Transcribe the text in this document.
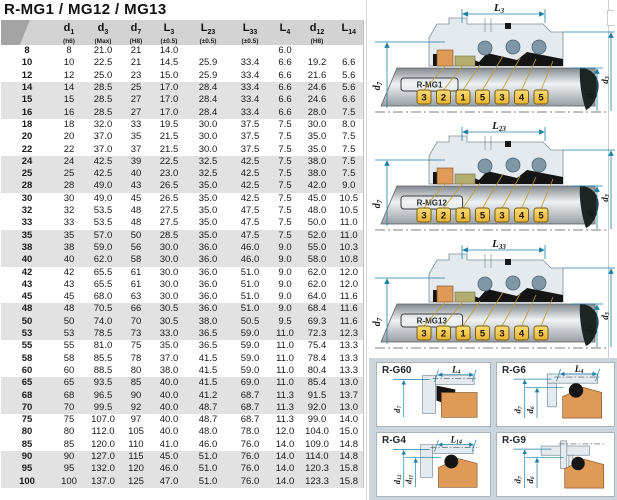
R-MG1 / MG12 / MG13

$d_1$
(h6)

$d_3$
(Max)

$d_7$
(H8)

$L_3$
(±0.5)

$L_{23}$
(±0.5)

$L_{33}$
(±0.5)

$L_4$	$d_{12}$
(H8)

$L_{14}$

8	8	21.0	21	14.0			6.0		
10	10	22.5	21	14.5	25.9	33.4	6.6	19.2	6.6
12	12	25.0	23	15.0	25.9	33.4	6.6	21.6	5.6
14	14	28.5	25	17.0	28.4	33.4	6.6	24.6	5.6
15	15	28.5	27	17.0	28.4	33.4	6.6	24.6	6.6
16	16	28.5	27	17.0	28.4	33.4	6.6	28.0	7.5
18	18	32.0	33	19.5	30.0	37.5	7.5	30.0	8.0
20	20	37.0	35	21.5	30.0	37.5	7.5	35.0	7.5
22	22	37.0	37	21.5	30.0	37.5	7.5	35.0	7.5
24	24	42.5	39	22.5	32.5	42.5	7.5	38.0	7.5
25	25	42.5	40	23.0	32.5	42.5	7.5	38.0	7.5
28	28	49.0	43	26.5	35.0	42.5	7.5	42.0	9.0
30	30	49.0	45	26.5	35.0	42.5	7.5	45.0	10.5
32	32	53.5	48	27.5	35.0	47.5	7.5	48.0	10.5
33	33	53.5	48	27.5	35.0	47.5	7.5	50.0	11.0
35	35	57.0	50	28.5	35.0	47.5	7.5	52.0	11.0
38	38	59.0	56	30.0	36.0	46.0	9.0	55.0	10.3
40	40	62.0	58	30.0	36.0	46.0	9.0	58.0	10.8
42	42	65.5	61	30.0	36.0	51.0	9.0	62.0	12.0
43	43	65.5	61	30.0	36.0	51.0	9.0	62.0	12.0
45	45	68.0	63	30.0	36.0	51.0	9.0	64.0	11.6
48	48	70.5	66	30.5	36.0	51.0	9.0	68.4	11.6
50	50	74.0	70	30.5	38.0	50.5	9.5	69.3	11.6
53	53	78.5	73	33.0	36.5	59.0	11.0	72.3	12.3
55	55	81.0	75	35.0	36.5	59.0	11.0	75.4	13.3
58	58	85.5	78	37.0	41.5	59.0	11.0	78.4	13.3
60	60	88.5	80	38.0	41.5	59.0	11.0	80.4	13.3
65	65	93.5	85	40.0	41.5	69.0	11.0	85.4	13.0
68	68	96.5	90	40.0	41.2	68.7	11.3	91.5	13.7
70	70	99.5	92	40.0	48.7	68.7	11.3	92.0	13.0
75	75	107.0	97	40.0	48.7	68.7	11.3	99.0	14.0
80	80	112.0	105	40.0	48.0	78.0	12.0	104.0	15.0
85	85	120.0	110	41.0	46.0	76.0	14.0	109.0	14.8
90	90	127.0	115	45.0	51.0	76.0	14.0	114.0	14.8
95	95	132.0	120	46.0	51.0	76.0	14.0	120.3	15.8
100	100	137.0	125	47.0	51.0	76.0	14.0	123.3	15.8
R-G60	L4
d7
R-G6	L4
d7
d6
R-G4	L14
d12
d11
R-G9
d7
d6
L3
d7
d1
d3
R-MG1
3 2 1 5 3 4 5
L23
d7
d1
d3
R-MG12
3 2 1 5 3 4 5
L33
d7
d1
d3
R-MG13
3 2 1 5 3 4 5
